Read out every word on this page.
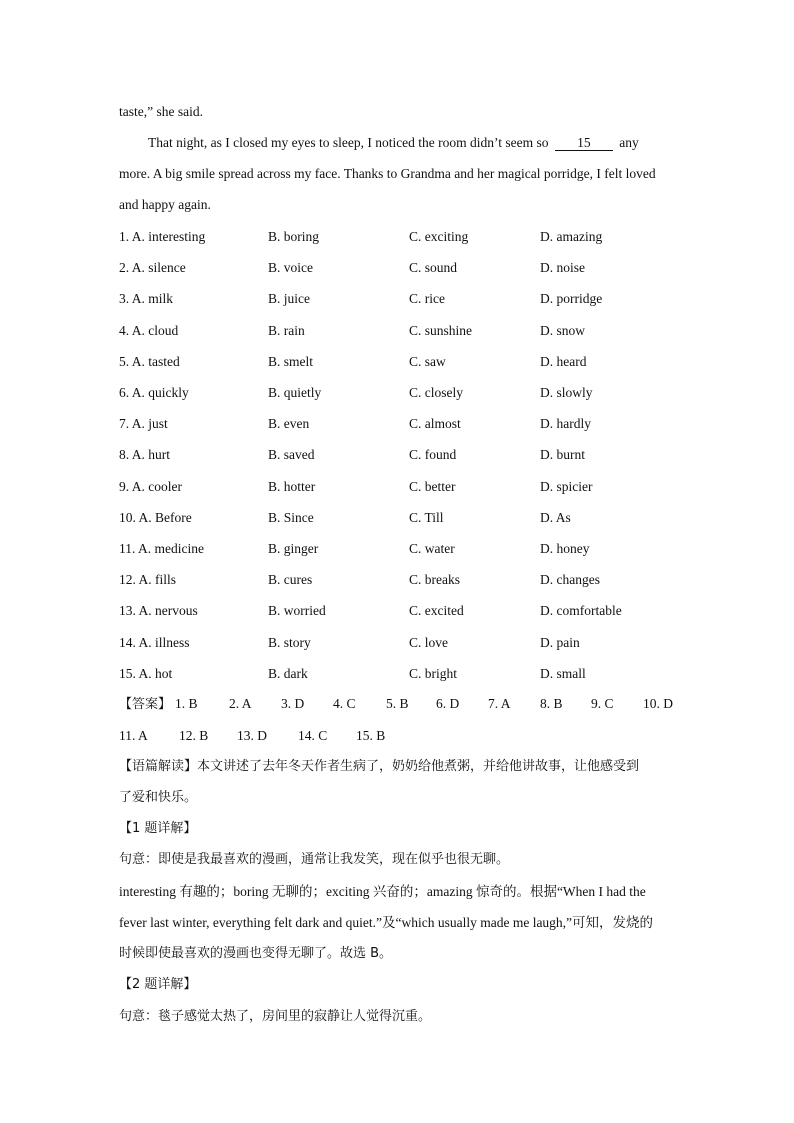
taste,” she said.
That night, as I closed my eyes to sleep, I noticed the room didn’t seem so 15 any
more. A big smile spread across my face. Thanks to Grandma and her magical porridge, I felt loved
and happy again.
1. A. interesting	B. boring	C. exciting	D. amazing
2. A. silence	B. voice	C. sound	D. noise
3. A. milk	B. juice	C. rice	D. porridge
4. A. cloud	B. rain	C. sunshine	D. snow
5. A. tasted	B. smelt	C. saw	D. heard
6. A. quickly	B. quietly	C. closely	D. slowly
7. A. just	B. even	C. almost	D. hardly
8. A. hurt	B. saved	C. found	D. burnt
9. A. cooler	B. hotter	C. better	D. spicier
10. A. Before	B. Since	C. Till	D. As
11. A. medicine	B. ginger	C. water	D. honey
12. A. fills	B. cures	C. breaks	D. changes
13. A. nervous	B. worried	C. excited	D. comfortable
14. A. illness	B. story	C. love	D. pain
15. A. hot	B. dark	C. bright	D. small
【答案】 1. B 2. A 3. D 4. C 5. B 6. D 7. A 8. B 9. C 10. D
11. A 12. B 13. D 14. C 15. B
【语篇解读】本文讲述了去年冬天作者生病了，奶奶给他煮粥，并给他讲故事，让他感受到
了爱和快乐。
【1 题详解】
句意：即使是我最喜欢的漫画，通常让我发笑，现在似乎也很无聊。
interesting 有趣的；boring 无聊的；exciting 兴奋的；amazing 惊奇的。根据“When I had the
fever last winter, everything felt dark and quiet.”及“which usually made me laugh,”可知，发烧的
时候即使最喜欢的漫画也变得无聊了。故选 B。
【2 题详解】
句意：毯子感觉太热了，房间里的寂静让人觉得沉重。
